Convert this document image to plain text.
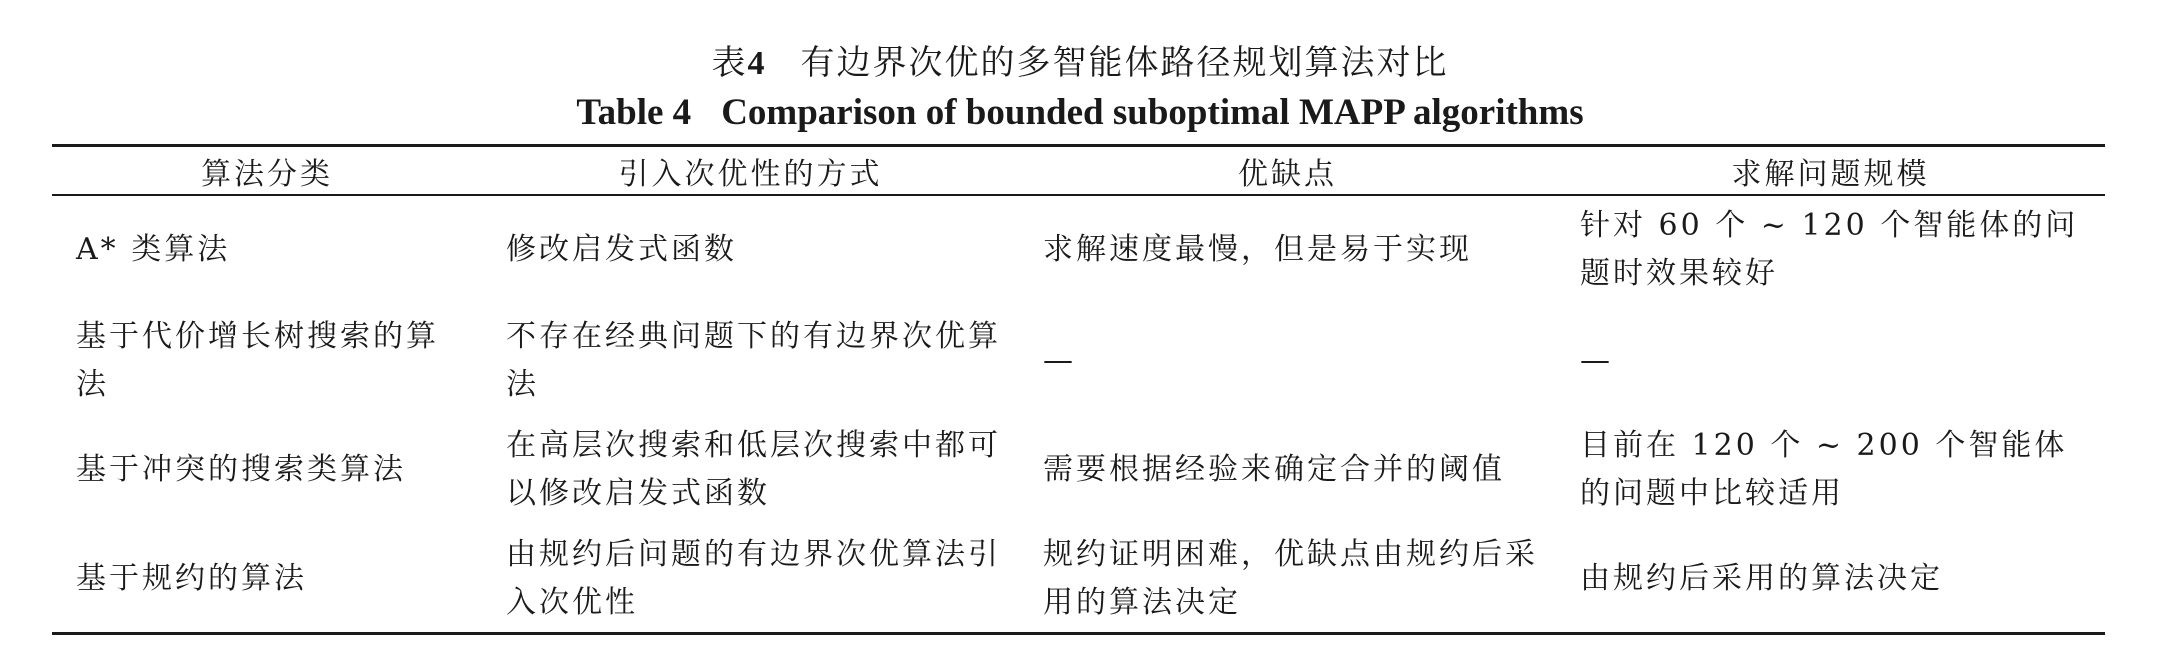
表4 有边界次优的多智能体路径规划算法对比
Table 4 Comparison of bounded suboptimal MAPP algorithms
算法分类	引入次优性的方式	优缺点	求解问题规模
A* 类算法	修改启发式函数	求解速度最慢，但是易于实现	针对 60 个 ~ 120 个智能体的问题时效果较好
基于代价增长树搜索的算法	不存在经典问题下的有边界次优算法	—	—
基于冲突的搜索类算法	在高层次搜索和低层次搜索中都可以修改启发式函数	需要根据经验来确定合并的阈值	目前在 120 个 ~ 200 个智能体的问题中比较适用
基于规约的算法	由规约后问题的有边界次优算法引入次优性	规约证明困难，优缺点由规约后采用的算法决定	由规约后采用的算法决定
